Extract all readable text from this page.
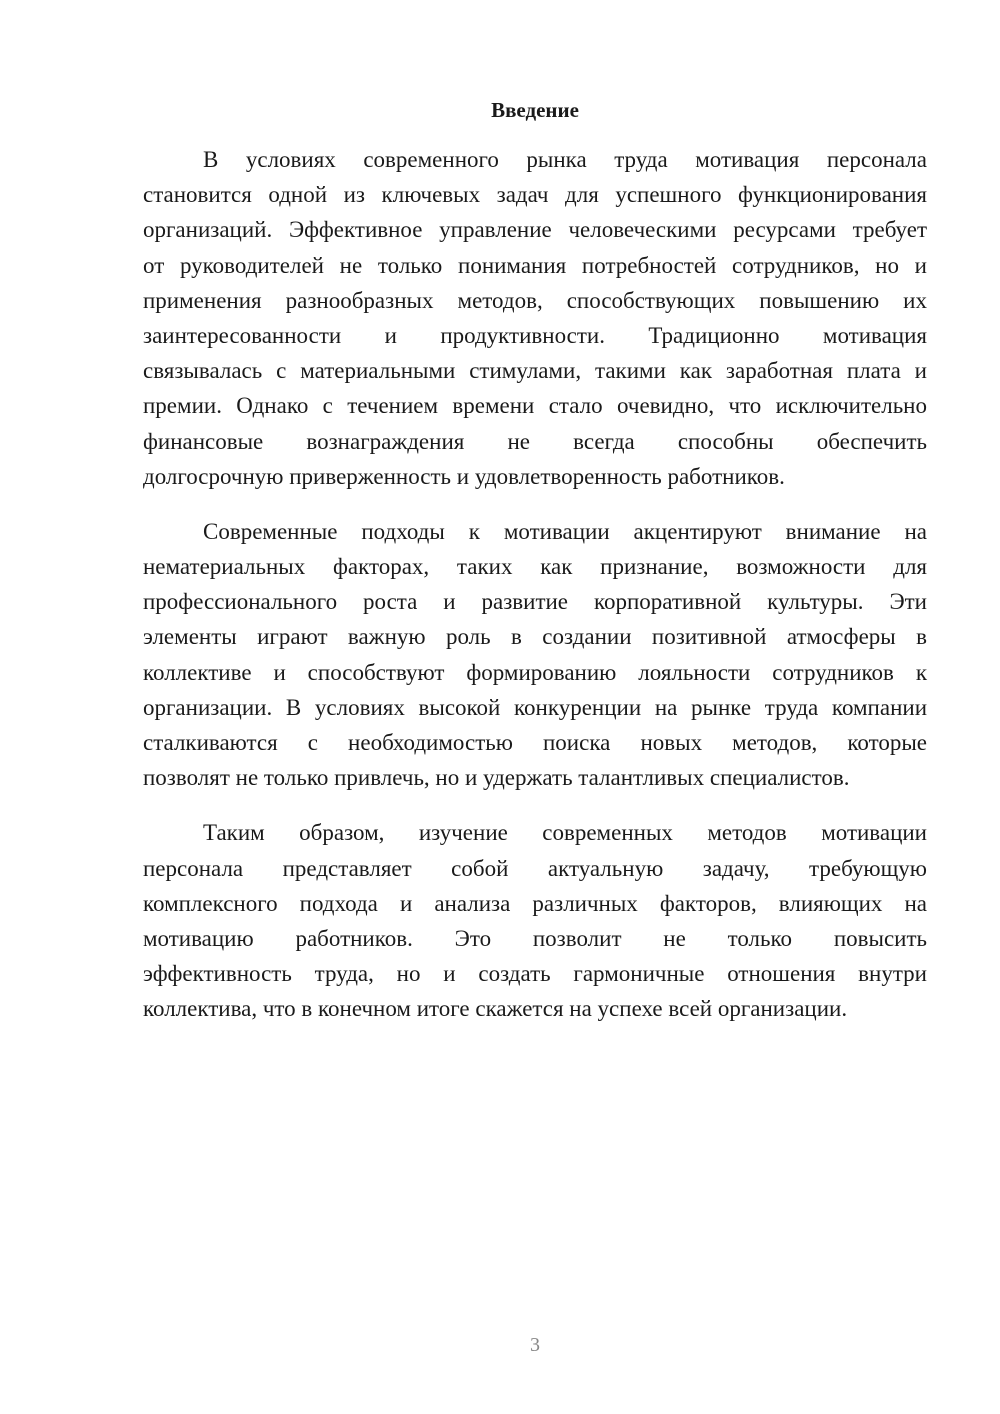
Введение
В условиях современного рынка труда мотивация персонала
становится одной из ключевых задач для успешного функционирования
организаций. Эффективное управление человеческими ресурсами требует
от руководителей не только понимания потребностей сотрудников, но и
применения разнообразных методов, способствующих повышению их
заинтересованности и продуктивности. Традиционно мотивация
связывалась с материальными стимулами, такими как заработная плата и
премии. Однако с течением времени стало очевидно, что исключительно
финансовые вознаграждения не всегда способны обеспечить
долгосрочную приверженность и удовлетворенность работников.
Современные подходы к мотивации акцентируют внимание на
нематериальных факторах, таких как признание, возможности для
профессионального роста и развитие корпоративной культуры. Эти
элементы играют важную роль в создании позитивной атмосферы в
коллективе и способствуют формированию лояльности сотрудников к
организации. В условиях высокой конкуренции на рынке труда компании
сталкиваются с необходимостью поиска новых методов, которые
позволят не только привлечь, но и удержать талантливых специалистов.
Таким образом, изучение современных методов мотивации
персонала представляет собой актуальную задачу, требующую
комплексного подхода и анализа различных факторов, влияющих на
мотивацию работников. Это позволит не только повысить
эффективность труда, но и создать гармоничные отношения внутри
коллектива, что в конечном итоге скажется на успехе всей организации.
3
